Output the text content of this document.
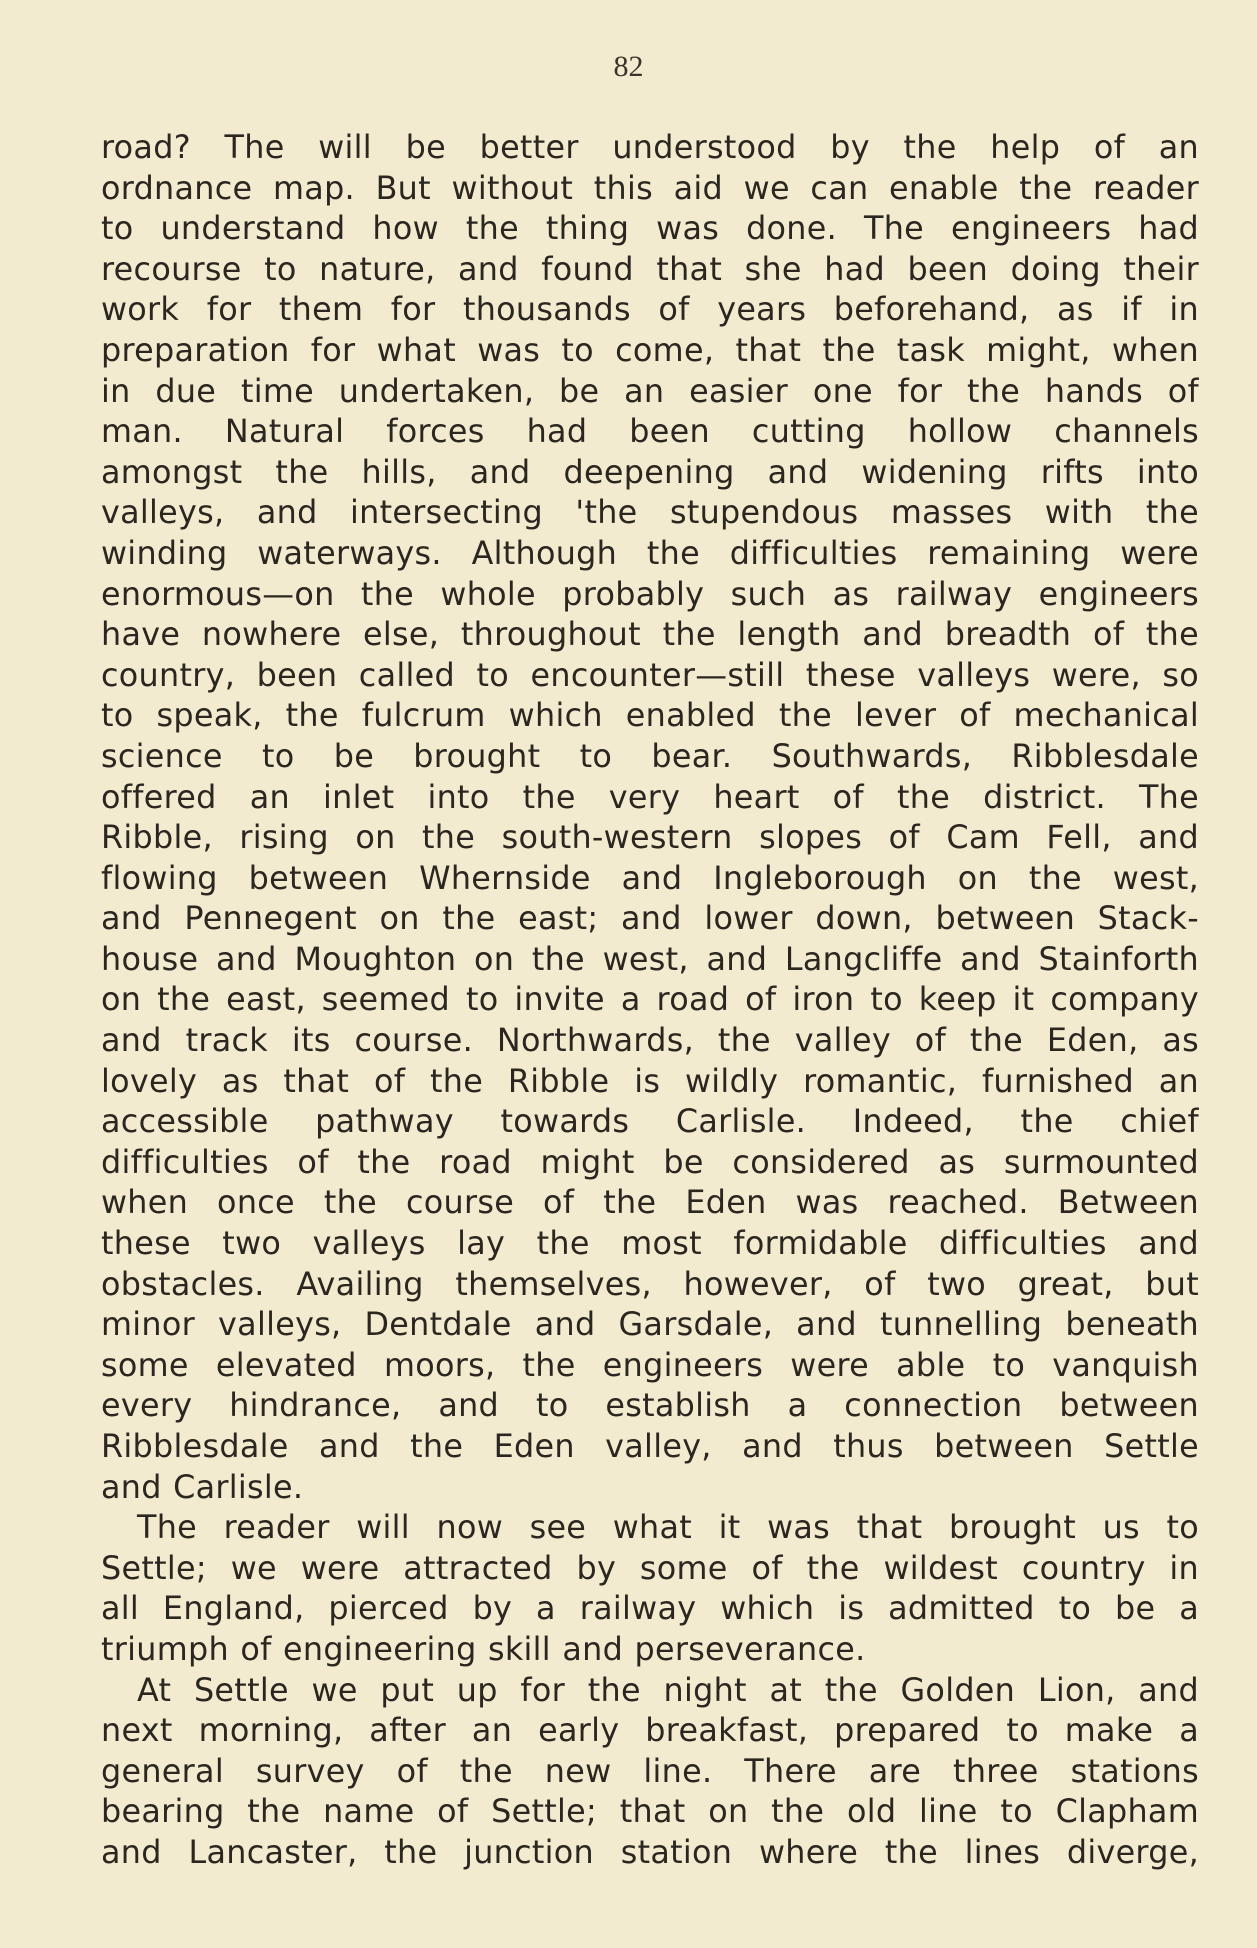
82
road? The will be better understood by the help of an
ordnance map. But without this aid we can enable the reader
to understand how the thing was done. The engineers had
recourse to nature, and found that she had been doing their
work for them for thousands of years beforehand, as if in
preparation for what was to come, that the task might, when
in due time undertaken, be an easier one for the hands of
man. Natural forces had been cutting hollow channels
amongst the hills, and deepening and widening rifts into
valleys, and intersecting 'the stupendous masses with the
winding waterways. Although the difficulties remaining were
enormous—on the whole probably such as railway engineers
have nowhere else, throughout the length and breadth of the
country, been called to encounter—still these valleys were, so
to speak, the fulcrum which enabled the lever of mechanical
science to be brought to bear. Southwards, Ribblesdale
offered an inlet into the very heart of the district. The
Ribble, rising on the south-western slopes of Cam Fell, and
flowing between Whernside and Ingleborough on the west,
and Pennegent on the east; and lower down, between Stack-
house and Moughton on the west, and Langcliffe and Stainforth
on the east, seemed to invite a road of iron to keep it company
and track its course. Northwards, the valley of the Eden, as
lovely as that of the Ribble is wildly romantic, furnished an
accessible pathway towards Carlisle. Indeed, the chief
difficulties of the road might be considered as surmounted
when once the course of the Eden was reached. Between
these two valleys lay the most formidable difficulties and
obstacles. Availing themselves, however, of two great, but
minor valleys, Dentdale and Garsdale, and tunnelling beneath
some elevated moors, the engineers were able to vanquish
every hindrance, and to establish a connection between
Ribblesdale and the Eden valley, and thus between Settle
and Carlisle.
The reader will now see what it was that brought us to
Settle; we were attracted by some of the wildest country in
all England, pierced by a railway which is admitted to be a
triumph of engineering skill and perseverance.
At Settle we put up for the night at the Golden Lion, and
next morning, after an early breakfast, prepared to make a
general survey of the new line. There are three stations
bearing the name of Settle; that on the old line to Clapham
and Lancaster, the junction station where the lines diverge,
